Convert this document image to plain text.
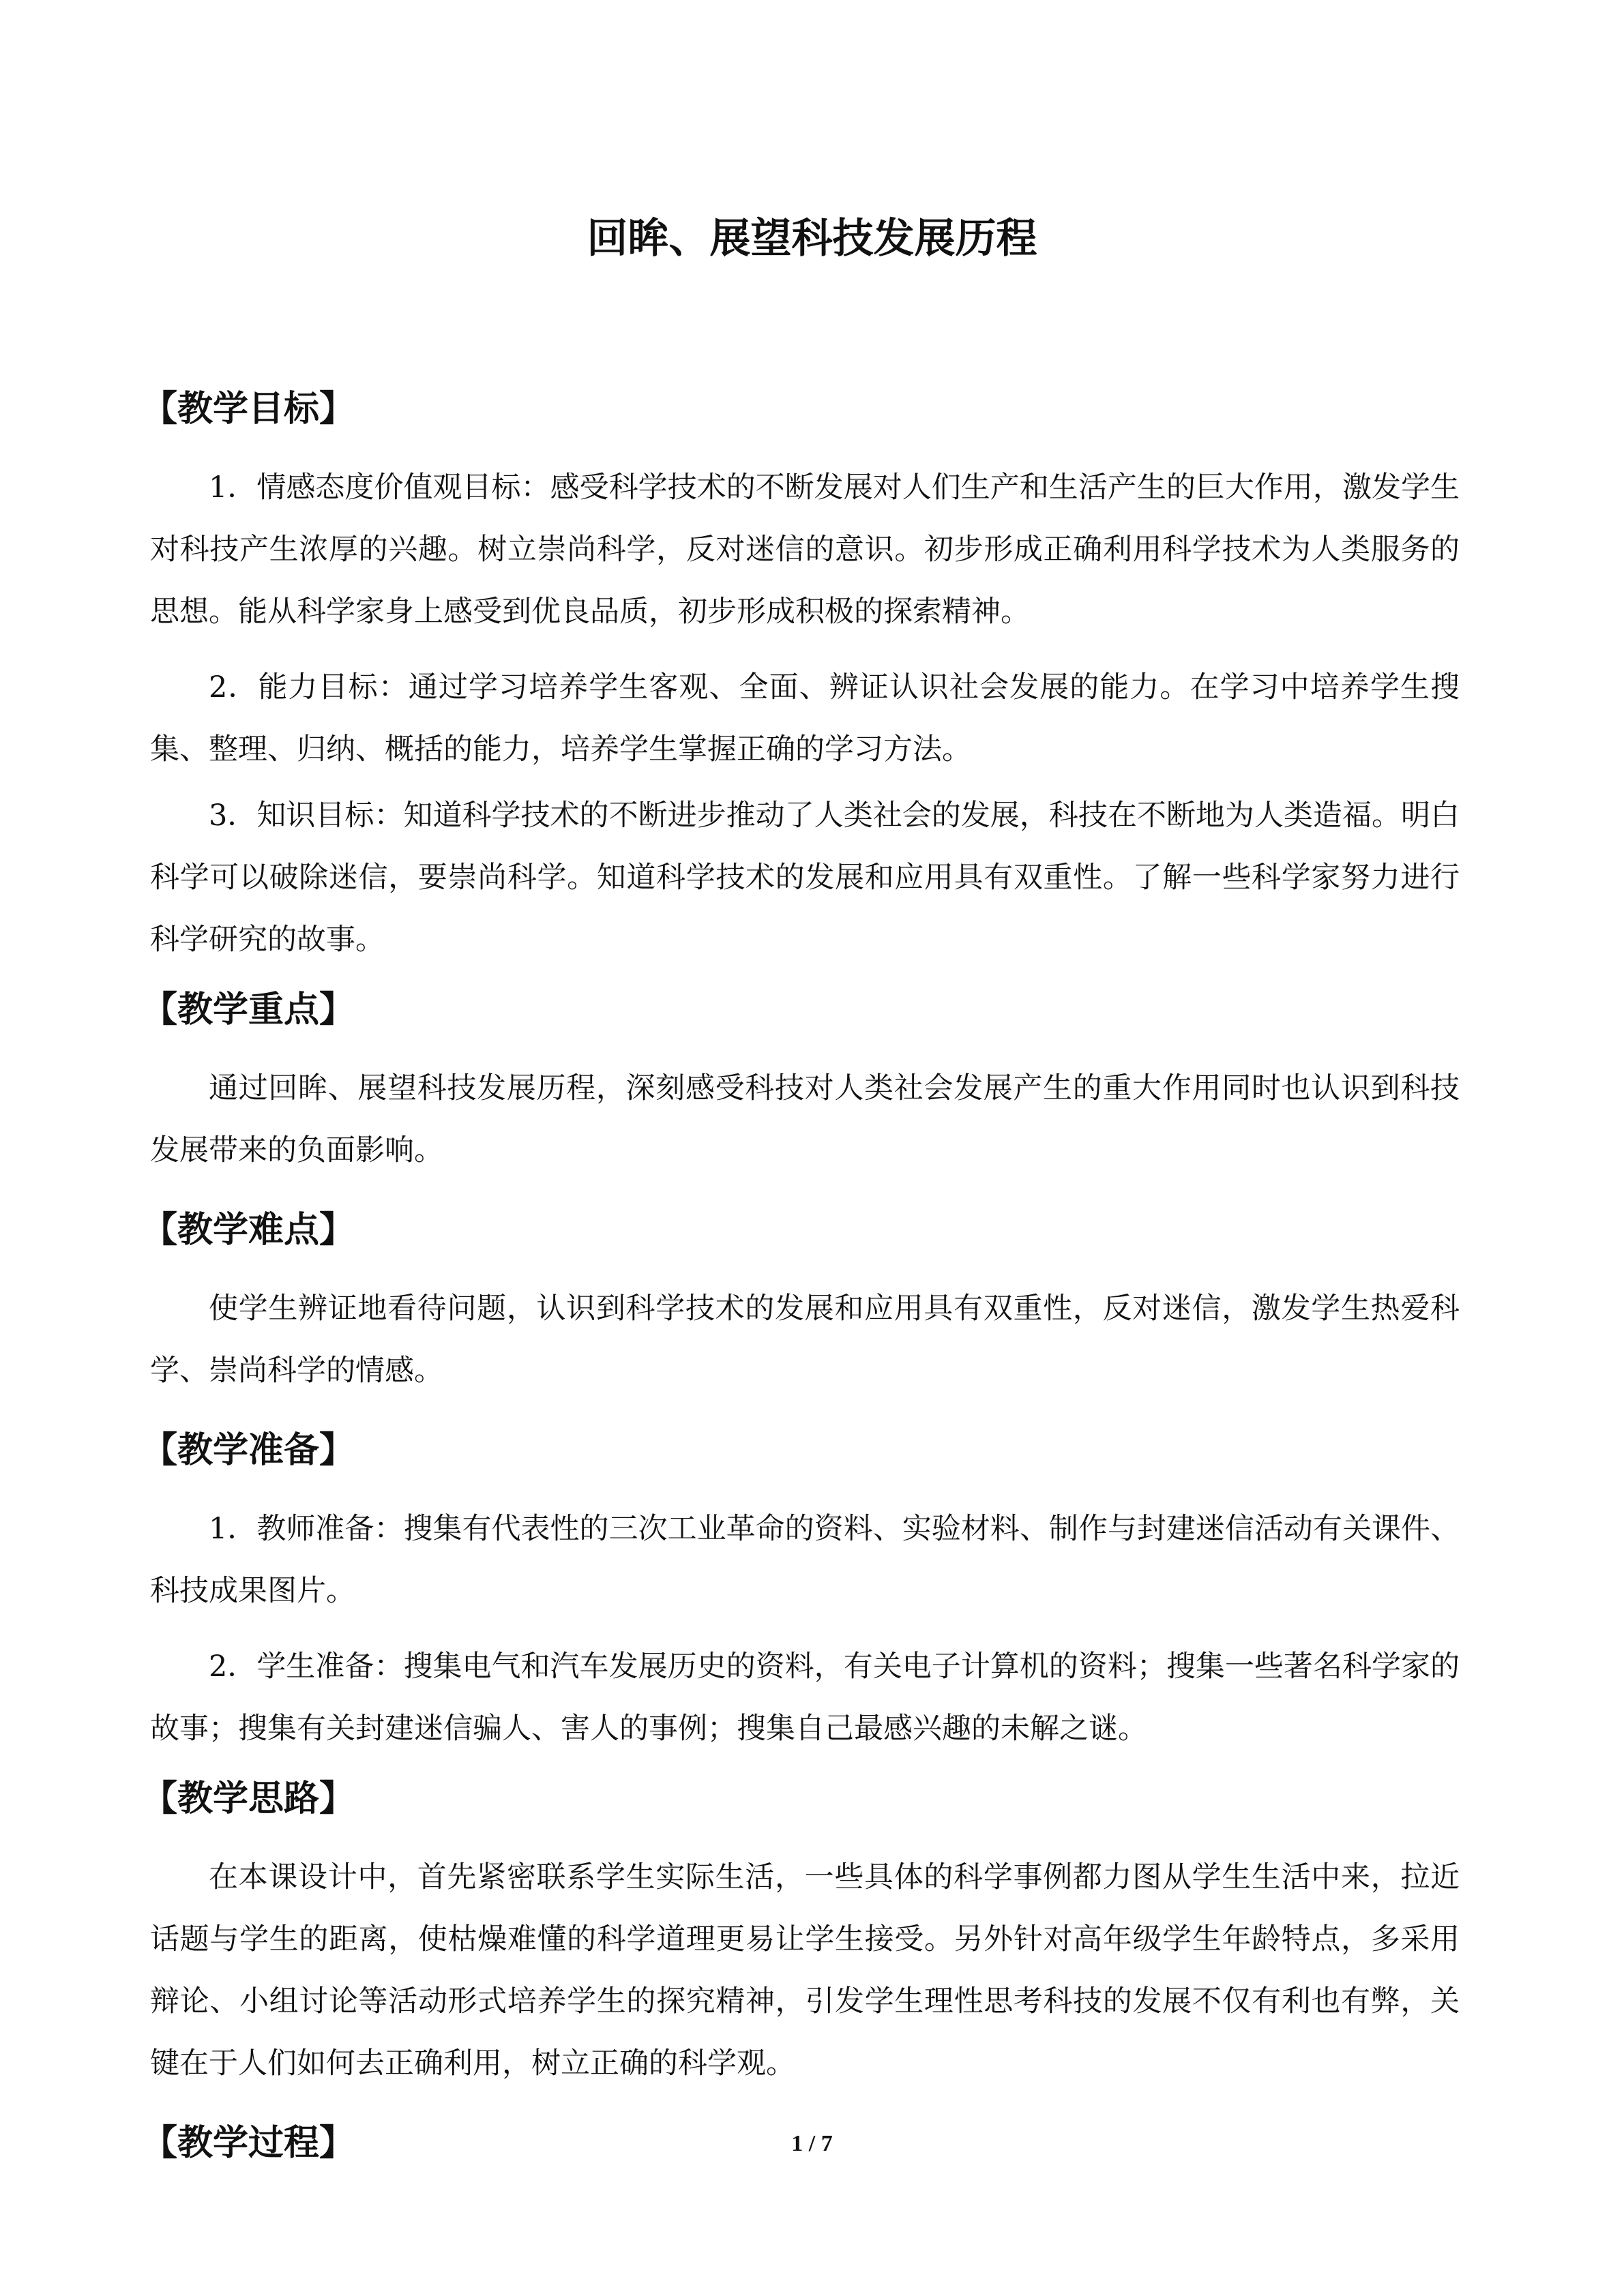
回眸、展望科技发展历程
【教学目标】

1．情感态度价值观目标：感受科学技术的不断发展对人们生产和生活产生的巨大作用，激发学生对科技产生浓厚的兴趣。树立崇尚科学，反对迷信的意识。初步形成正确利用科学技术为人类服务的思想。能从科学家身上感受到优良品质，初步形成积极的探索精神。

2．能力目标：通过学习培养学生客观、全面、辨证认识社会发展的能力。在学习中培养学生搜集、整理、归纳、概括的能力，培养学生掌握正确的学习方法。

3．知识目标：知道科学技术的不断进步推动了人类社会的发展，科技在不断地为人类造福。明白科学可以破除迷信，要崇尚科学。知道科学技术的发展和应用具有双重性。了解一些科学家努力进行科学研究的故事。

【教学重点】

通过回眸、展望科技发展历程，深刻感受科技对人类社会发展产生的重大作用同时也认识到科技发展带来的负面影响。

【教学难点】

使学生辨证地看待问题，认识到科学技术的发展和应用具有双重性，反对迷信，激发学生热爱科学、崇尚科学的情感。

【教学准备】

1．教师准备：搜集有代表性的三次工业革命的资料、实验材料、制作与封建迷信活动有关课件、科技成果图片。

2．学生准备：搜集电气和汽车发展历史的资料，有关电子计算机的资料；搜集一些著名科学家的故事；搜集有关封建迷信骗人、害人的事例；搜集自己最感兴趣的未解之谜。

【教学思路】

在本课设计中，首先紧密联系学生实际生活，一些具体的科学事例都力图从学生生活中来，拉近话题与学生的距离，使枯燥难懂的科学道理更易让学生接受。另外针对高年级学生年龄特点，多采用辩论、小组讨论等活动形式培养学生的探究精神，引发学生理性思考科技的发展不仅有利也有弊，关键在于人们如何去正确利用，树立正确的科学观。

【教学过程】	1 / 7
